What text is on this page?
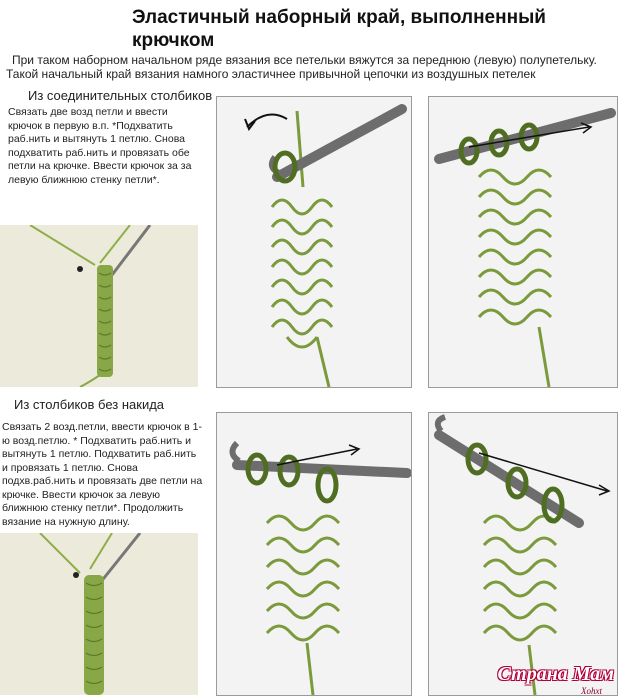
Эластичный наборный край, выполненный крючком

При таком наборном начальном ряде вязания все петельки вяжутся за переднюю (левую) полупетельку.

Такой начальный край вязания намного эластичнее привычной цепочки из воздушных петелек

Из соединительных столбиков
Связать две возд петли и ввести крючок в первую в.п. *Подхватить раб.нить и вытянуть 1 петлю. Снова подхватить раб.нить и провязать обе петли на крючке. Ввести крючок за за левую ближнюю стенку петли*.
Из столбиков без накида
Связать 2 возд.петли, ввести крючок в 1-ю возд.петлю. * Подхватить раб.нить и вытянуть 1 петлю. Подхватить раб.нить и провязать 1 петлю. Снова подхв.раб.нить и провязать две петли на крючке. Ввести крючок за левую ближнюю стенку петли*. Продолжить вязание на нужную длину.
Страна Мам
Xohxt
